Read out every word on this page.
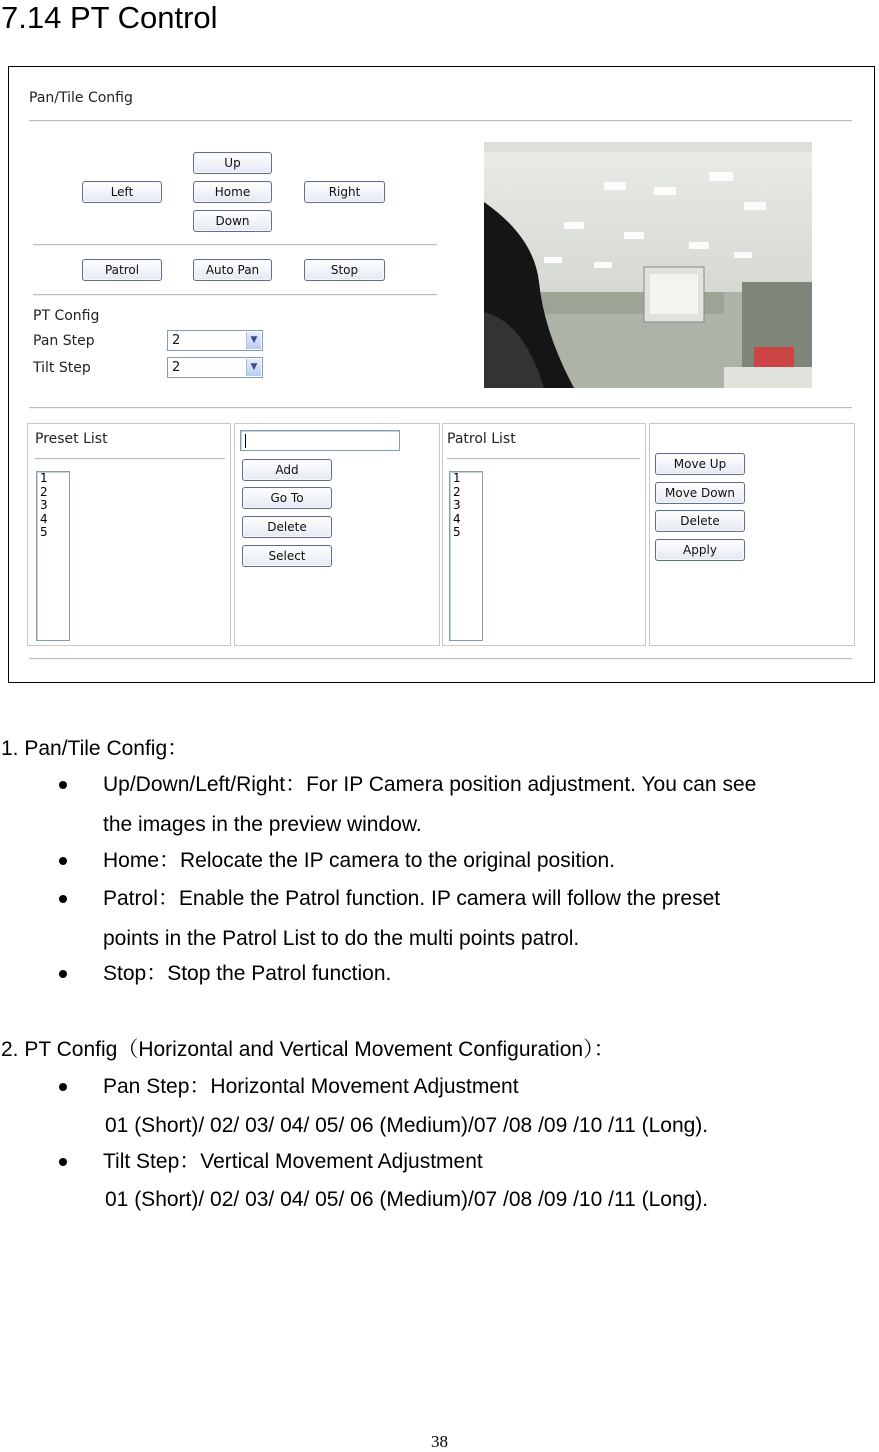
7.14 PT Control
Pan/Tile Config
Up
Left	Home	Right
Down
Patrol	Auto Pan	Stop
PT Config
Pan Step	2	▼
Tilt Step	2	▼
Preset List
1
2
3
4
5
Add
Go To
Delete
Select
Patrol List
1
2
3
4
5
Move Up
Move Down
Delete
Apply
1. Pan/Tile Config：
Up/Down/Left/Right：For IP Camera position adjustment. You can see
the images in the preview window.
Home：Relocate the IP camera to the original position.
Patrol：Enable the Patrol function. IP camera will follow the preset
points in the Patrol List to do the multi points patrol.
Stop：Stop the Patrol function.
2. PT Config（Horizontal and Vertical Movement Configuration）：
Pan Step：Horizontal Movement Adjustment
01 (Short)/ 02/ 03/ 04/ 05/ 06 (Medium)/07 /08 /09 /10 /11 (Long).
Tilt Step：Vertical Movement Adjustment
01 (Short)/ 02/ 03/ 04/ 05/ 06 (Medium)/07 /08 /09 /10 /11 (Long).
38
